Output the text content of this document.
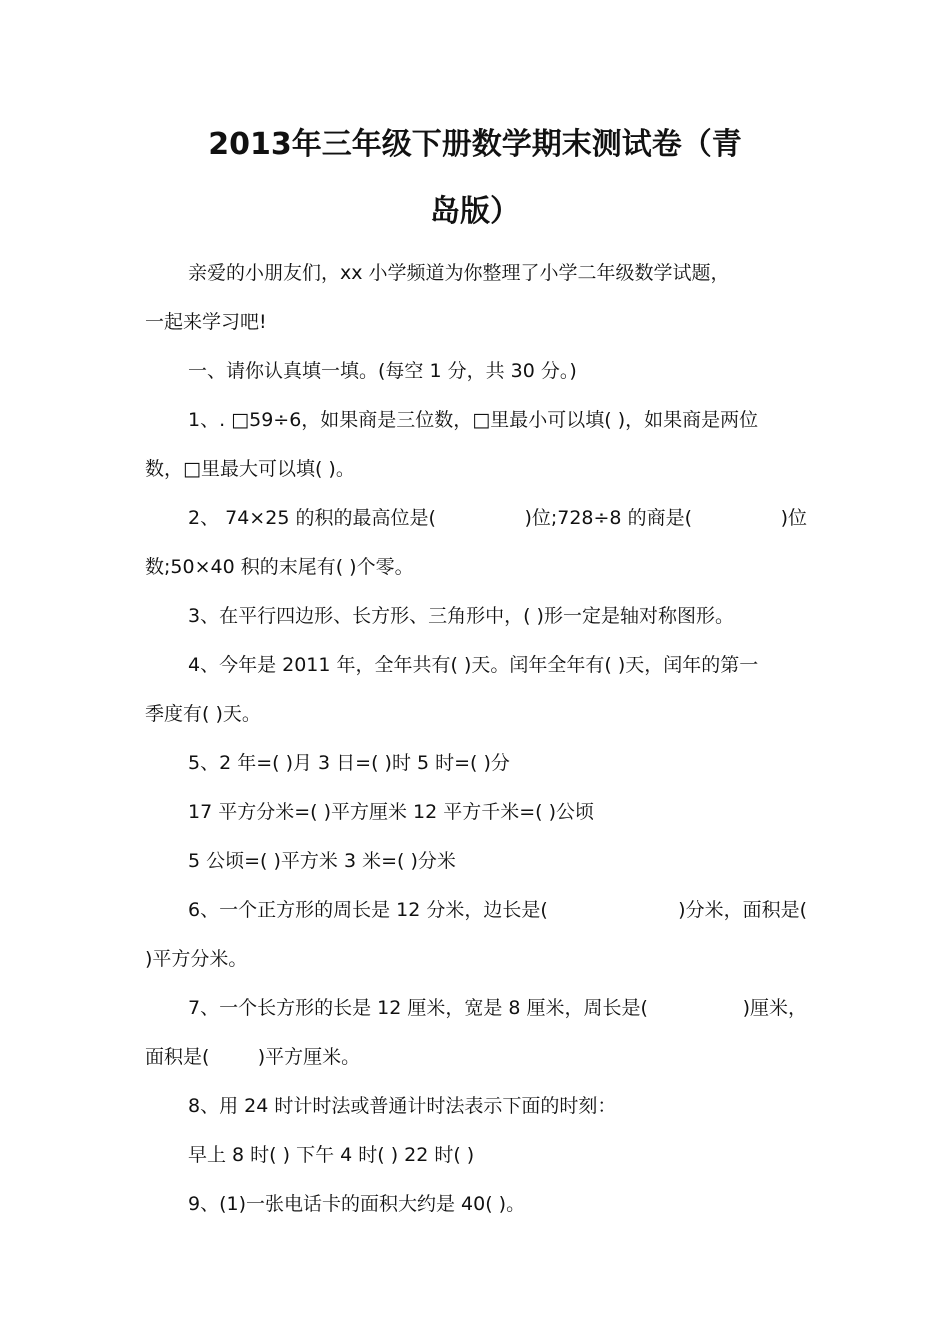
2013年三年级下册数学期末测试卷（青
岛版）
亲爱的小朋友们，xx 小学频道为你整理了小学二年级数学试题，
一起来学习吧!
一、请你认真填一填。(每空 1 分，共 30 分。)
1、. □59÷6，如果商是三位数，□里最小可以填( )，如果商是两位
数，□里最大可以填( )。
2、 74×25 的积的最高位是(	)位;728÷8 的商是(	)位
数;50×40 积的末尾有( )个零。
3、在平行四边形、长方形、三角形中，( )形一定是轴对称图形。
4、今年是 2011 年，全年共有( )天。闰年全年有( )天，闰年的第一
季度有( )天。
5、2 年=( )月 3 日=( )时 5 时=( )分
17 平方分米=( )平方厘米 12 平方千米=( )公顷
5 公顷=( )平方米 3 米=( )分米
6、一个正方形的周长是 12 分米，边长是(	)分米，面积是(
)平方分米。
7、一个长方形的长是 12 厘米，宽是 8 厘米，周长是(	)厘米，
面积是(        )平方厘米。
8、用 24 时计时法或普通计时法表示下面的时刻：
早上 8 时( ) 下午 4 时( ) 22 时( )
9、(1)一张电话卡的面积大约是 40( )。
